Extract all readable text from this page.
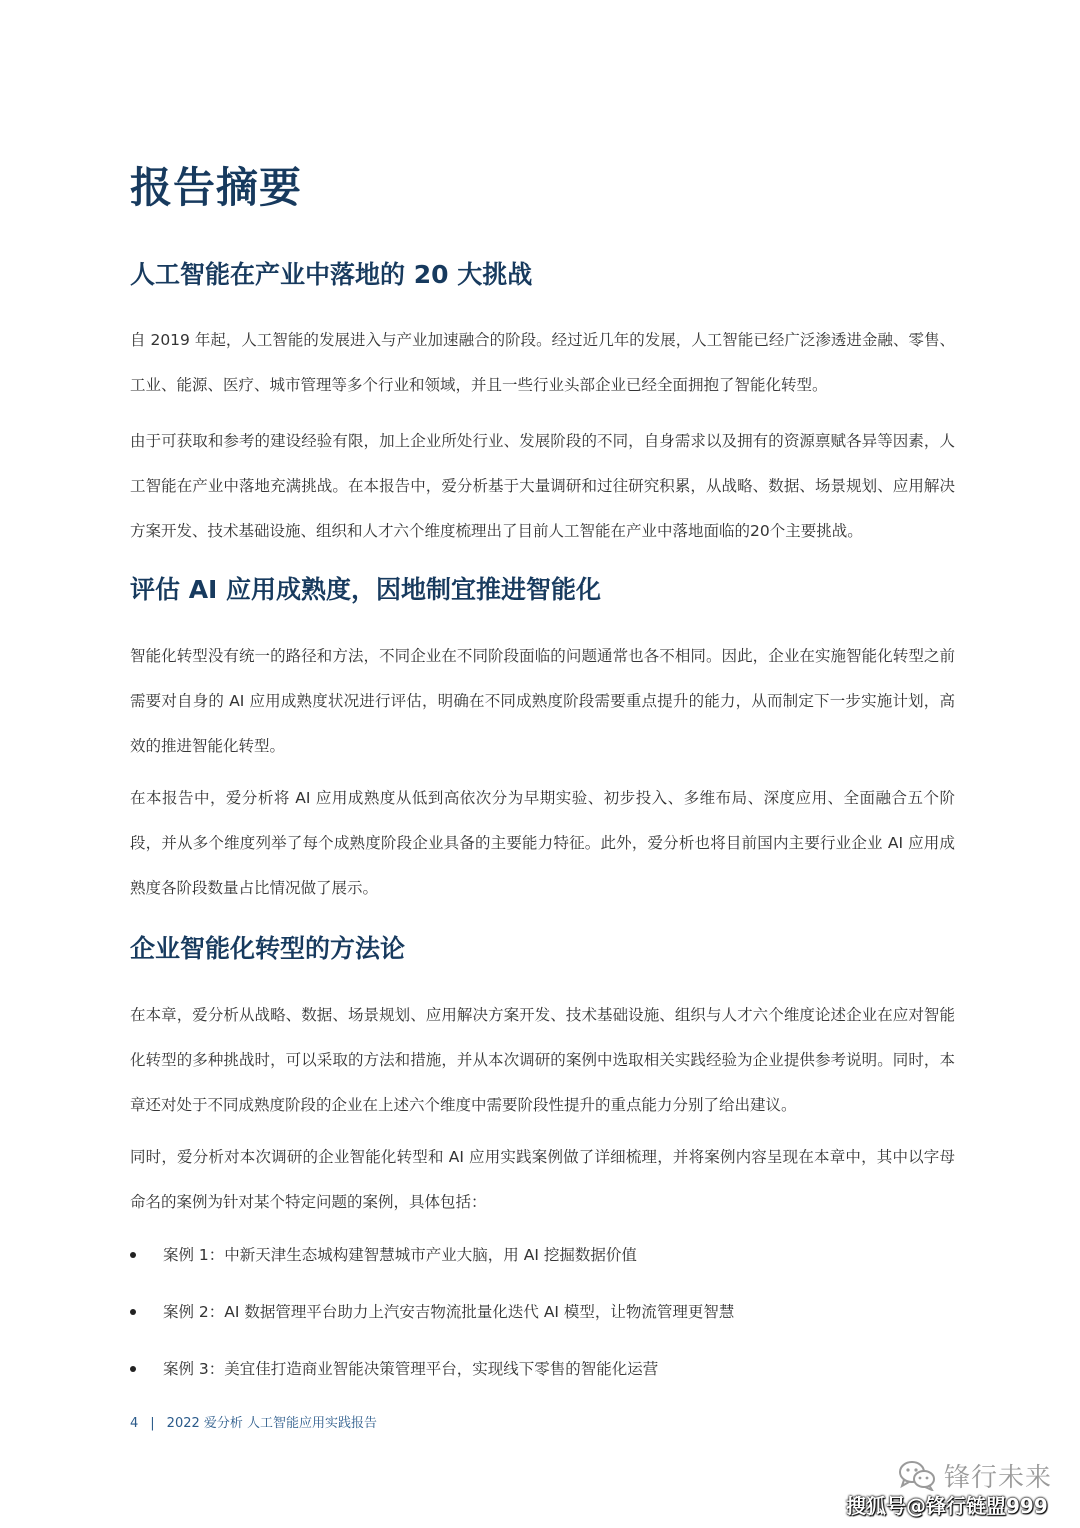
报告摘要
人工智能在产业中落地的 20 大挑战

自 2019 年起，人工智能的发展进入与产业加速融合的阶段。经过近几年的发展，人工智能已经广泛渗透进金融、零售、工业、能源、医疗、城市管理等多个行业和领域，并且一些行业头部企业已经全面拥抱了智能化转型。

由于可获取和参考的建设经验有限，加上企业所处行业、发展阶段的不同，自身需求以及拥有的资源禀赋各异等因素，人工智能在产业中落地充满挑战。在本报告中，爱分析基于大量调研和过往研究积累，从战略、数据、场景规划、应用解决方案开发、技术基础设施、组织和人才六个维度梳理出了目前人工智能在产业中落地面临的20个主要挑战。

评估 AI 应用成熟度，因地制宜推进智能化

智能化转型没有统一的路径和方法，不同企业在不同阶段面临的问题通常也各不相同。因此，企业在实施智能化转型之前需要对自身的 AI 应用成熟度状况进行评估，明确在不同成熟度阶段需要重点提升的能力，从而制定下一步实施计划，高效的推进智能化转型。

在本报告中，爱分析将 AI 应用成熟度从低到高依次分为早期实验、初步投入、多维布局、深度应用、全面融合五个阶段，并从多个维度列举了每个成熟度阶段企业具备的主要能力特征。此外，爱分析也将目前国内主要行业企业 AI 应用成熟度各阶段数量占比情况做了展示。

企业智能化转型的方法论

在本章，爱分析从战略、数据、场景规划、应用解决方案开发、技术基础设施、组织与人才六个维度论述企业在应对智能化转型的多种挑战时，可以采取的方法和措施，并从本次调研的案例中选取相关实践经验为企业提供参考说明。同时，本章还对处于不同成熟度阶段的企业在上述六个维度中需要阶段性提升的重点能力分别了给出建议。

同时，爱分析对本次调研的企业智能化转型和 AI 应用实践案例做了详细梳理，并将案例内容呈现在本章中，其中以字母命名的案例为针对某个特定问题的案例，具体包括：

案例 1：中新天津生态城构建智慧城市产业大脑，用 AI 挖掘数据价值
案例 2：AI 数据管理平台助力上汽安吉物流批量化迭代 AI 模型，让物流管理更智慧
案例 3：美宜佳打造商业智能决策管理平台，实现线下零售的智能化运营
4 | 2022 爱分析 人工智能应用实践报告
锋行未来
搜狐号@锋行链盟999
